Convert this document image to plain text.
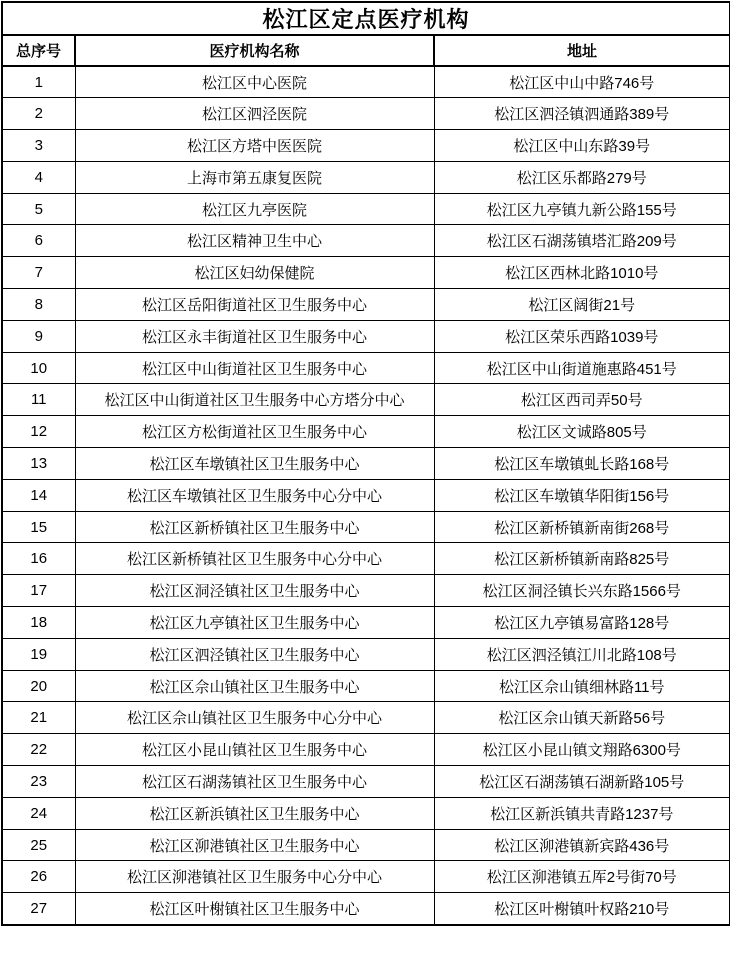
松江区定点医疗机构		
总序号	医疗机构名称	地址
1	松江区中心医院	松江区中山中路746号
2	松江区泗泾医院	松江区泗泾镇泗通路389号
3	松江区方塔中医医院	松江区中山东路39号
4	上海市第五康复医院	松江区乐都路279号
5	松江区九亭医院	松江区九亭镇九新公路155号
6	松江区精神卫生中心	松江区石湖荡镇塔汇路209号
7	松江区妇幼保健院	松江区西林北路1010号
8	松江区岳阳街道社区卫生服务中心	松江区阔街21号
9	松江区永丰街道社区卫生服务中心	松江区荣乐西路1039号
10	松江区中山街道社区卫生服务中心	松江区中山街道施惠路451号
11	松江区中山街道社区卫生服务中心方塔分中心	松江区西司弄50号
12	松江区方松街道社区卫生服务中心	松江区文诚路805号
13	松江区车墩镇社区卫生服务中心	松江区车墩镇虬长路168号
14	松江区车墩镇社区卫生服务中心分中心	松江区车墩镇华阳街156号
15	松江区新桥镇社区卫生服务中心	松江区新桥镇新南街268号
16	松江区新桥镇社区卫生服务中心分中心	松江区新桥镇新南路825号
17	松江区洞泾镇社区卫生服务中心	松江区洞泾镇长兴东路1566号
18	松江区九亭镇社区卫生服务中心	松江区九亭镇易富路128号
19	松江区泗泾镇社区卫生服务中心	松江区泗泾镇江川北路108号
20	松江区佘山镇社区卫生服务中心	松江区佘山镇细林路11号
21	松江区佘山镇社区卫生服务中心分中心	松江区佘山镇天新路56号
22	松江区小昆山镇社区卫生服务中心	松江区小昆山镇文翔路6300号
23	松江区石湖荡镇社区卫生服务中心	松江区石湖荡镇石湖新路105号
24	松江区新浜镇社区卫生服务中心	松江区新浜镇共青路1237号
25	松江区泖港镇社区卫生服务中心	松江区泖港镇新宾路436号
26	松江区泖港镇社区卫生服务中心分中心	松江区泖港镇五厍2号街70号
27	松江区叶榭镇社区卫生服务中心	松江区叶榭镇叶权路210号
